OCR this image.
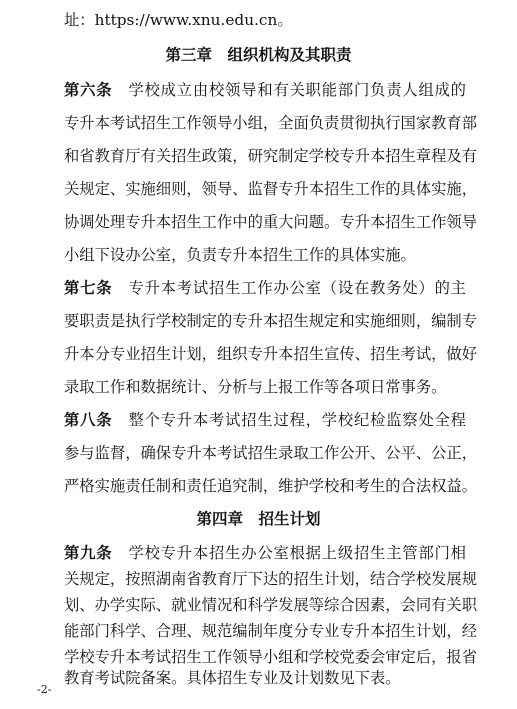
址：https://www.xnu.edu.cn。
第三章　组织机构及其职责
第六条　学校成立由校领导和有关职能部门负责人组成的
专升本考试招生工作领导小组，全面负责贯彻执行国家教育部
和省教育厅有关招生政策，研究制定学校专升本招生章程及有
关规定、实施细则，领导、监督专升本招生工作的具体实施，
协调处理专升本招生工作中的重大问题。专升本招生工作领导
小组下设办公室，负责专升本招生工作的具体实施。
第七条　专升本考试招生工作办公室（设在教务处）的主
要职责是执行学校制定的专升本招生规定和实施细则，编制专
升本分专业招生计划，组织专升本招生宣传、招生考试，做好
录取工作和数据统计、分析与上报工作等各项日常事务。
第八条　整个专升本考试招生过程，学校纪检监察处全程
参与监督，确保专升本考试招生录取工作公开、公平、公正，
严格实施责任制和责任追究制，维护学校和考生的合法权益。
第四章　招生计划
第九条　学校专升本招生办公室根据上级招生主管部门相
关规定，按照湖南省教育厅下达的招生计划，结合学校发展规
划、办学实际、就业情况和科学发展等综合因素，会同有关职
能部门科学、合理、规范编制年度分专业专升本招生计划，经
学校专升本考试招生工作领导小组和学校党委会审定后，报省
-2-
教育考试院备案。具体招生专业及计划数见下表。
